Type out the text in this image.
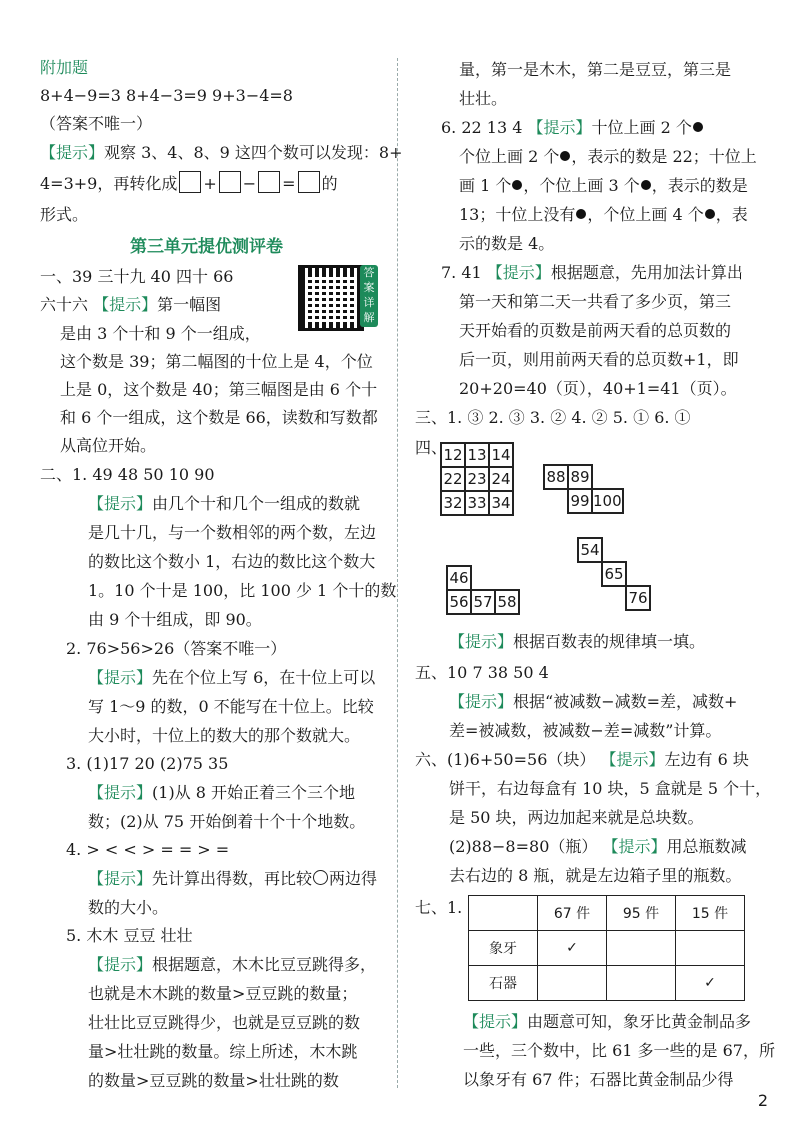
附加题
8+4−9=3 8+4−3=9 9+3−4=8
（答案不唯一）
【提示】观察 3、4、8、9 这四个数可以发现：8+
4=3+9，再转化成 + − = 的
形式。
第三单元提优测评卷
一、39 三十九 40 四十 66
六十六 【提示】第一幅图
是由 3 个十和 9 个一组成，
这个数是 39；第二幅图的十位上是 4，个位
上是 0，这个数是 40；第三幅图是由 6 个十
和 6 个一组成，这个数是 66，读数和写数都
从高位开始。
二、1. 49 48 50 10 90
【提示】由几个十和几个一组成的数就
是几十几，与一个数相邻的两个数，左边
的数比这个数小 1，右边的数比这个数大
1。10 个十是 100，比 100 少 1 个十的数
由 9 个十组成，即 90。
2. 76>56>26（答案不唯一）
【提示】先在个位上写 6，在十位上可以
写 1～9 的数，0 不能写在十位上。比较
大小时，十位上的数大的那个数就大。
3. (1)17 20 (2)75 35
【提示】(1)从 8 开始正着三个三个地
数；(2)从 75 开始倒着十个十个地数。
4. > < < > = = > =
【提示】先计算出得数，再比较 两边得
数的大小。
5. 木木 豆豆 壮壮
【提示】根据题意，木木比豆豆跳得多，
也就是木木跳的数量>豆豆跳的数量；
壮壮比豆豆跳得少，也就是豆豆跳的数
量>壮壮跳的数量。综上所述，木木跳
的数量>豆豆跳的数量>壮壮跳的数
答案详解
量，第一是木木，第二是豆豆，第三是
壮壮。
6. 22 13 4 【提示】十位上画 2 个
个位上画 2 个 ，表示的数是 22；十位上
画 1 个 ，个位上画 3 个 ，表示的数是
13；十位上没有 ，个位上画 4 个 ，表
示的数是 4。
7. 41 【提示】根据题意，先用加法计算出
第一天和第二天一共看了多少页，第三
天开始看的页数是前两天看的总页数的
后一页，则用前两天看的总页数+1，即
20+20=40（页），40+1=41（页）。
三、1. ③ 2. ③ 3. ② 4. ② 5. ① 6. ①
四、
【提示】根据百数表的规律填一填。
五、10 7 38 50 4
【提示】根据“被减数−减数=差，减数+
差=被减数，被减数−差=减数”计算。
六、(1)6+50=56（块） 【提示】左边有 6 块
饼干，右边每盒有 10 块，5 盒就是 5 个十，
是 50 块，两边加起来就是总块数。
(2)88−8=80（瓶） 【提示】用总瓶数减
去右边的 8 瓶，就是左边箱子里的瓶数。
七、1.
【提示】由题意可知，象牙比黄金制品多
一些，三个数中，比 61 多一些的是 67，所
以象牙有 67 件；石器比黄金制品少得
12	13	14
22	23	24
32	33	34
88	89	
	99	100
	54		
		65	
			76
46		
56	57	58
	67 件	95 件	15 件
象牙	✓		
石器			✓
2
